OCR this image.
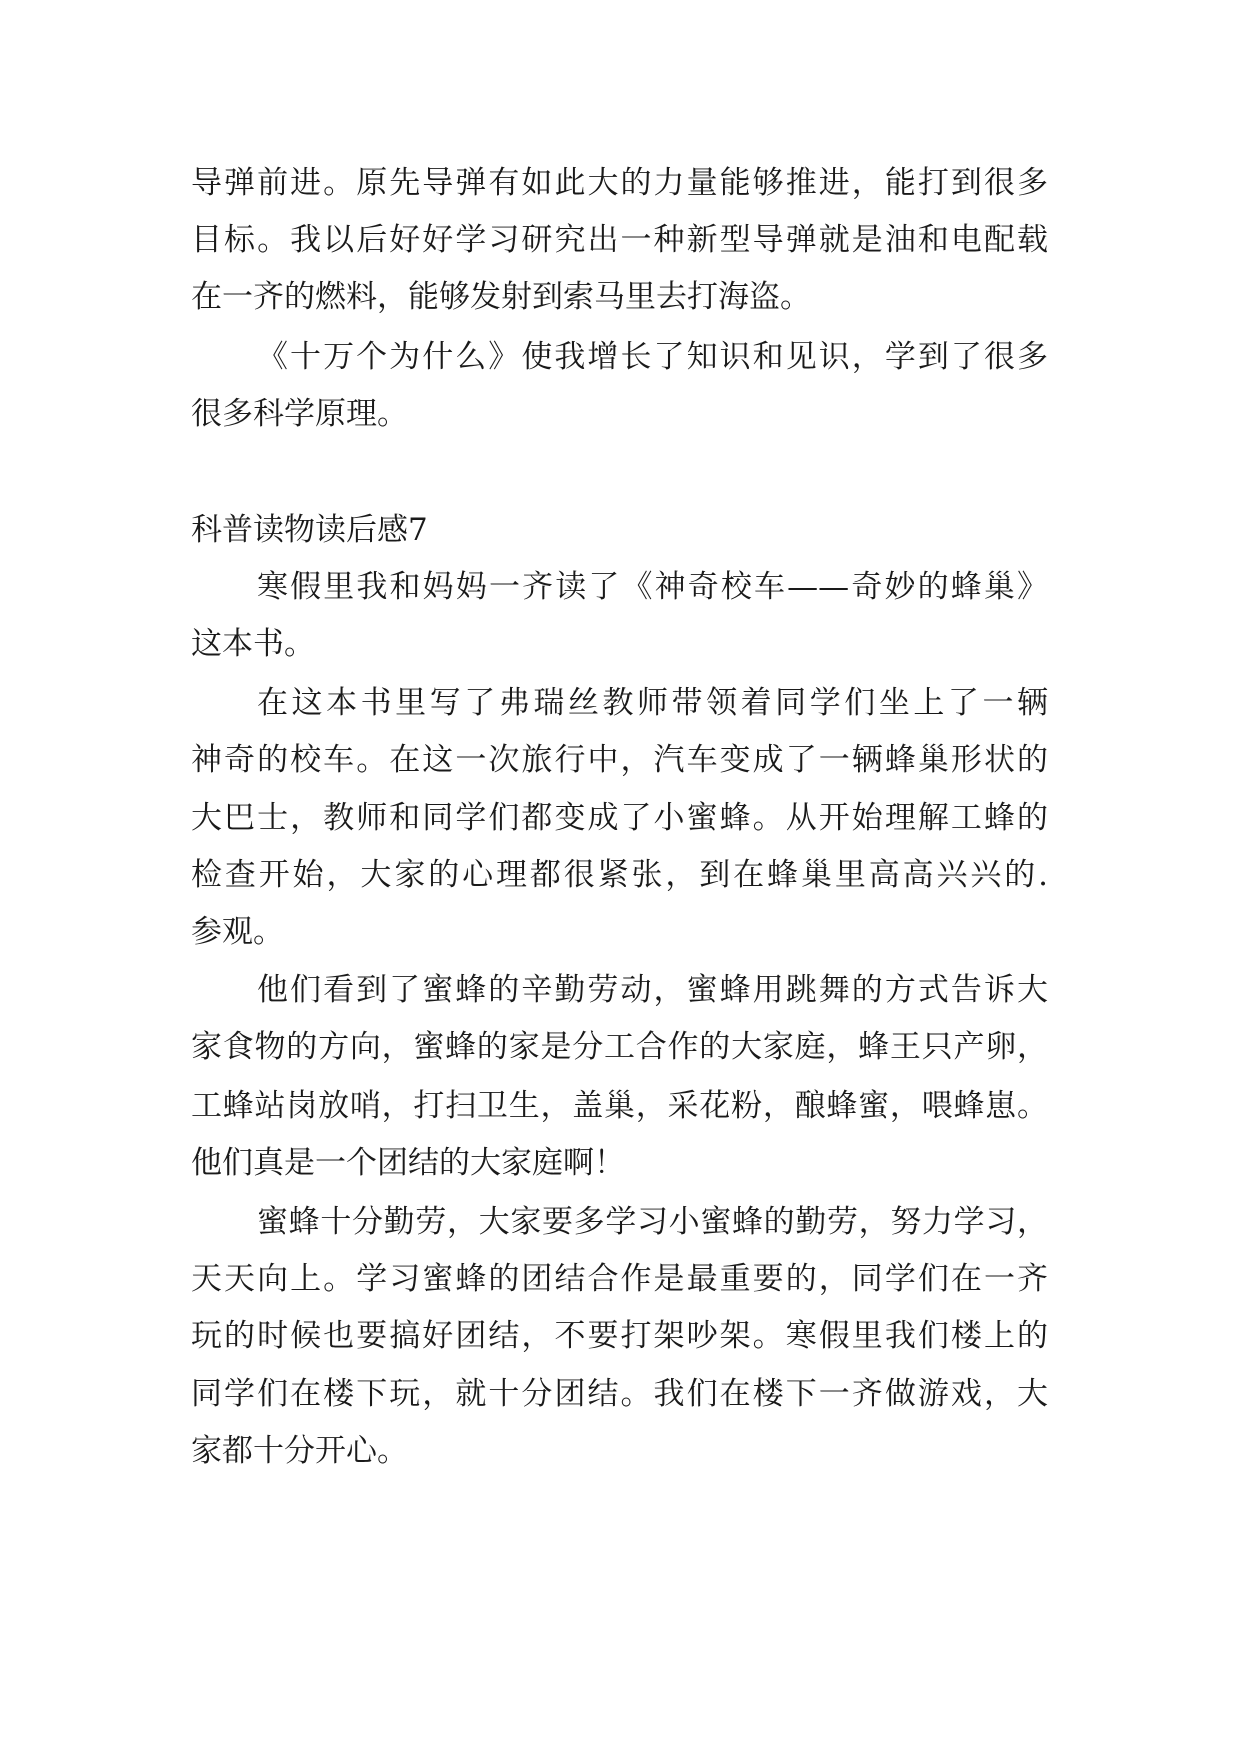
导弹前进。原先导弹有如此大的力量能够推进，能打到很多
目标。我以后好好学习研究出一种新型导弹就是油和电配载
在一齐的燃料，能够发射到索马里去打海盗。
《十万个为什么》使我增长了知识和见识，学到了很多
很多科学原理。
科普读物读后感7
寒假里我和妈妈一齐读了《神奇校车——奇妙的蜂巢》
这本书。
在这本书里写了弗瑞丝教师带领着同学们坐上了一辆
神奇的校车。在这一次旅行中，汽车变成了一辆蜂巢形状的
大巴士，教师和同学们都变成了小蜜蜂。从开始理解工蜂的
检查开始，大家的心理都很紧张，到在蜂巢里高高兴兴的.
参观。
他们看到了蜜蜂的辛勤劳动，蜜蜂用跳舞的方式告诉大
家食物的方向，蜜蜂的家是分工合作的大家庭，蜂王只产卵，
工蜂站岗放哨，打扫卫生，盖巢，采花粉，酿蜂蜜，喂蜂崽。
他们真是一个团结的大家庭啊！
蜜蜂十分勤劳，大家要多学习小蜜蜂的勤劳，努力学习，
天天向上。学习蜜蜂的团结合作是最重要的，同学们在一齐
玩的时候也要搞好团结，不要打架吵架。寒假里我们楼上的
同学们在楼下玩，就十分团结。我们在楼下一齐做游戏，大
家都十分开心。
